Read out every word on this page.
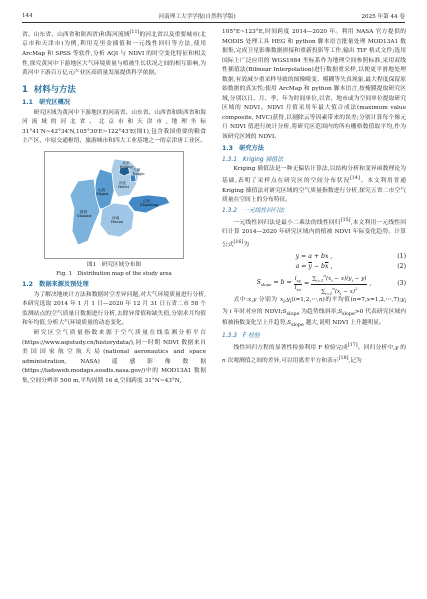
144	河南理工大学学报(自然科学版)	2025 年第 44 卷

省、山东省、山西省和陕西省)和海河流域[11]的河北省以及重要城市(北京市和天津市)为例,利用克里金插值和一元线性回归等方法,使用 ArcMap 和 SPSS 等软件,分析 AQI 与 NDVI 的时空变化特征和相关性,探究黄河中下游地区大气环境质量与植被生长状况之间的相互影响,为黄河中下游百万亿元产业区高质量发展提供科学依据。

1 材料与方法
1.1　研究区概况

研究区域为黄河中下游地区的河南省、山东省、山西省和陕西省和海河流域的河北省、北京市和天津市,地理坐标 31°41′N~42°34′N,105°30′E~122°43′E(图1),包含我国重要的粮食主产区、中原交通枢纽、旅游城市和四大工业基地之一的京津唐工业区。

北京
Beijing
天津
Tianjin
河北
Hebei
山西
Shanxi
山东
Shandong
陕西
Shaanxi	河南
Henan
图1　研究区域分布图
Fig. 1　Distribution map of the study area
1.2　数据来源及预处理

为了解决地统计方法和数据时空差异问题,对大气环境质量进行分析,本研究选取 2014 年 1 月 1 日—2020 年 12 月 31 日五省二市 58 个监测站点的空气质量日数据进行分析,去除异常值和缺失值,分别求月均值和年均值,分析大气环境质量的动态变化。

研究区空气质量指数来源于空气质量在线监测分析平台(https://www.aqistudy.cn/historydata/),同一时期 NDVI 数据来自美国国家航空航天局(national aeronautics and space administration, NASA)遥感影像数据(https://ladsweb.modaps.eosdis.nasa.gov/)中的 MOD13A1 数据集,空间分辨率 500 m,平均周期 16 d,空间跨度 31°N~43°N,

105°E~123°E,时间跨度 2014—2020 年。利用 NASA 官方提供的 MODIS 处理工具 HEG 和 python 脚本语言批量处理 MOD13A1 数据集,完成卫星影像数据拼接和重新投影等工作,输出 TIF 格式文件;选用国际上广泛应用的 WGS1984 坐标系作为地理空间参照标准,采用双线性插值法(Bilinear Interpolation)进行数据重采样,以便更平滑地处理数据,有效减少重采样导致的图像畸变、模糊等失真现象,最大程度保留原始数据的真实性;使用 ArcMap 和 python 脚本语言,按掩膜提取研究区域,分别以日、月、季、年为时间单位,以省、地市或为空间单位提取研究区域的 NDVI。NDVI 月值采用年最大值合成法(maximum value composite, MVC)获得,以剔除云等因素带来的误差;分别计算每个像元月 NDVI 值进行统计分析,将研究区范围内的所有栅格数值取平均,作为该研究区域的 NDVI。

1.3　研究方法
1.3.1　Kriging 插值法

Kriging 插值法是一种无偏估计算法,以结构分析和变异函数理论为基础,表明了采样点在研究区的空间分布状况[14]。本文利用普通 Kriging 插值法对研究区域的空气质量指数进行分析,探究五省二市空气质量在空间上的分布特征。

1.3.2　一元线性回归法

一元线性回归法是最小二乘法的线性回归[15],本文利用一元线性回归计算 2014—2020 年研究区域内的植被 NDVI 年际变化趋势。计算公式[16]为

y = a + bx ,	(1)
$a = \overline{y} - b\overline{x}$ ,	(2)
$S_{slope} = b = \frac{l_{xy}}{l_{xx}} = \frac{\sum_{i=1}^n(x_i - x)(y_i - y)}{\sum_{i=1}^n(x_i - x)^2}$ ,	(3)

式中:x,y 分别为 $x_i,y_i(i=1,2,\cdots,n)$的平均值$(n=7,x=1,2,\cdots,7);y_i$ 为 i 年时对应的 $NDVI;S_{slope}$ 为趋势线斜率$,S_{slope}>0$ 代表研究区域内植被指数变化呈上升趋势$,S_{slope}$ 越大,说明 NDVI 上升越明显。

1.3.3　F 检验

线性回归方程的显著性检验利用 F 检验完成[17]。回归分析中,y 的 n 次观测值之间的差异,可以用离差平方和表示[18],记为
